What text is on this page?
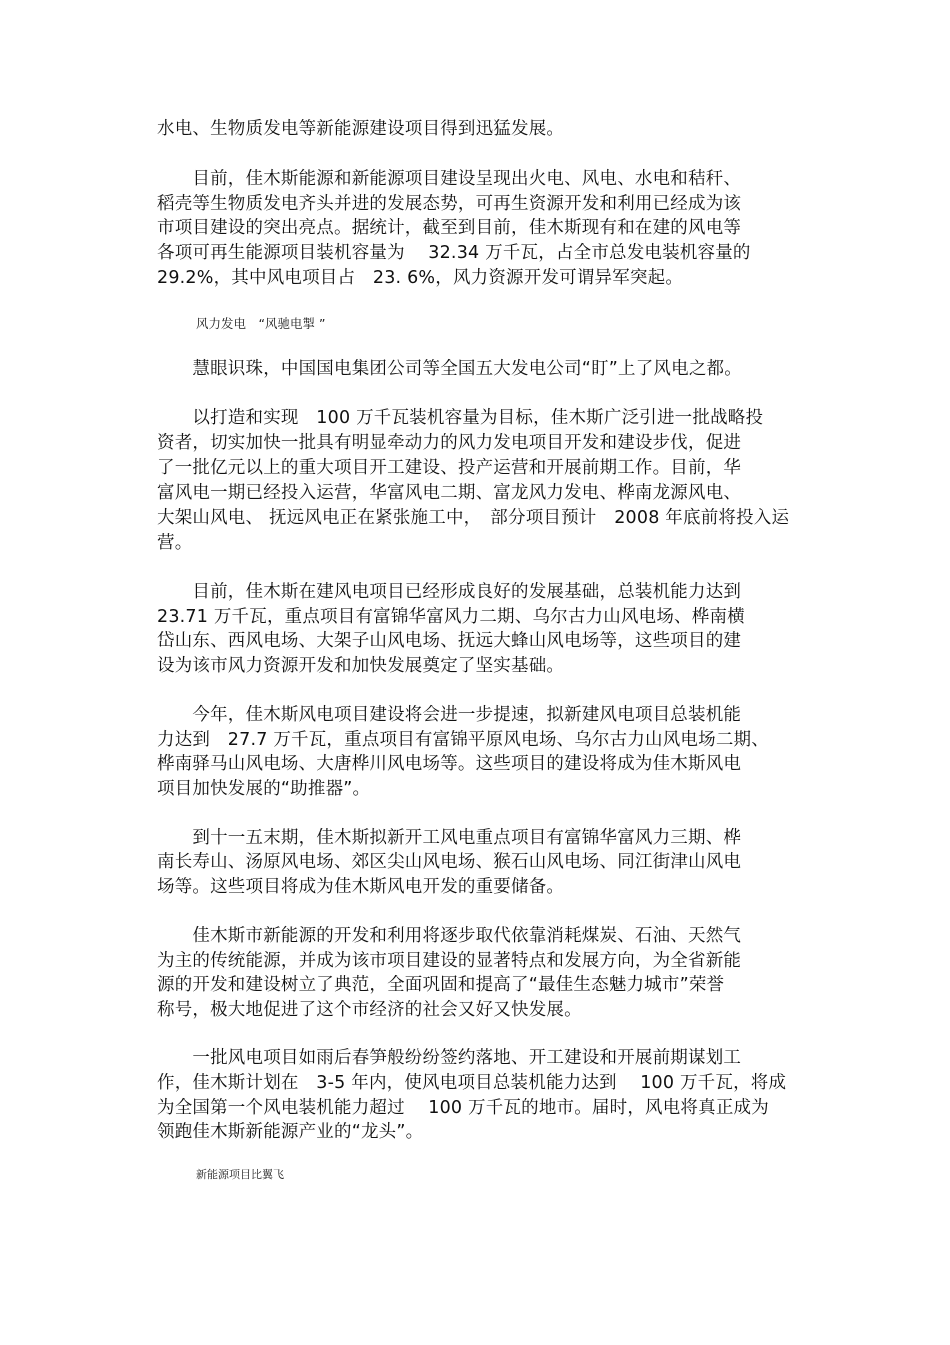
水电、生物质发电等新能源建设项目得到迅猛发展。
　　目前，佳木斯能源和新能源项目建设呈现出火电、风电、水电和秸秆、
稻壳等生物质发电齐头并进的发展态势，可再生资源开发和利用已经成为该
市项目建设的突出亮点。据统计，截至到目前，佳木斯现有和在建的风电等
各项可再生能源项目装机容量为　 32.34 万千瓦，占全市总发电装机容量的
29.2%，其中风电项目占　23. 6%，风力资源开发可谓异军突起。
风力发电　“风驰电掣 ”
　　慧眼识珠，中国国电集团公司等全国五大发电公司“盯”上了风电之都。
　　以打造和实现　100 万千瓦装机容量为目标，佳木斯广泛引进一批战略投
资者，切实加快一批具有明显牵动力的风力发电项目开发和建设步伐，促进
了一批亿元以上的重大项目开工建设、投产运营和开展前期工作。目前，华
富风电一期已经投入运营，华富风电二期、富龙风力发电、桦南龙源风电、
大架山风电、 抚远风电正在紧张施工中，　部分项目预计　2008 年底前将投入运
营。
　　目前，佳木斯在建风电项目已经形成良好的发展基础，总装机能力达到
23.71 万千瓦，重点项目有富锦华富风力二期、乌尔古力山风电场、桦南横
岱山东、西风电场、大架子山风电场、抚远大蜂山风电场等，这些项目的建
设为该市风力资源开发和加快发展奠定了坚实基础。
　　今年，佳木斯风电项目建设将会进一步提速，拟新建风电项目总装机能
力达到　27.7 万千瓦，重点项目有富锦平原风电场、乌尔古力山风电场二期、
桦南驿马山风电场、大唐桦川风电场等。这些项目的建设将成为佳木斯风电
项目加快发展的“助推器”。
　　到十一五末期，佳木斯拟新开工风电重点项目有富锦华富风力三期、桦
南长寿山、汤原风电场、郊区尖山风电场、猴石山风电场、同江街津山风电
场等。这些项目将成为佳木斯风电开发的重要储备。
　　佳木斯市新能源的开发和利用将逐步取代依靠消耗煤炭、石油、天然气
为主的传统能源，并成为该市项目建设的显著特点和发展方向，为全省新能
源的开发和建设树立了典范，全面巩固和提高了“最佳生态魅力城市”荣誉
称号，极大地促进了这个市经济的社会又好又快发展。
　　一批风电项目如雨后春笋般纷纷签约落地、开工建设和开展前期谋划工
作，佳木斯计划在　3-5 年内，使风电项目总装机能力达到　 100 万千瓦，将成
为全国第一个风电装机能力超过　 100 万千瓦的地市。届时，风电将真正成为
领跑佳木斯新能源产业的“龙头”。
新能源项目比翼飞
